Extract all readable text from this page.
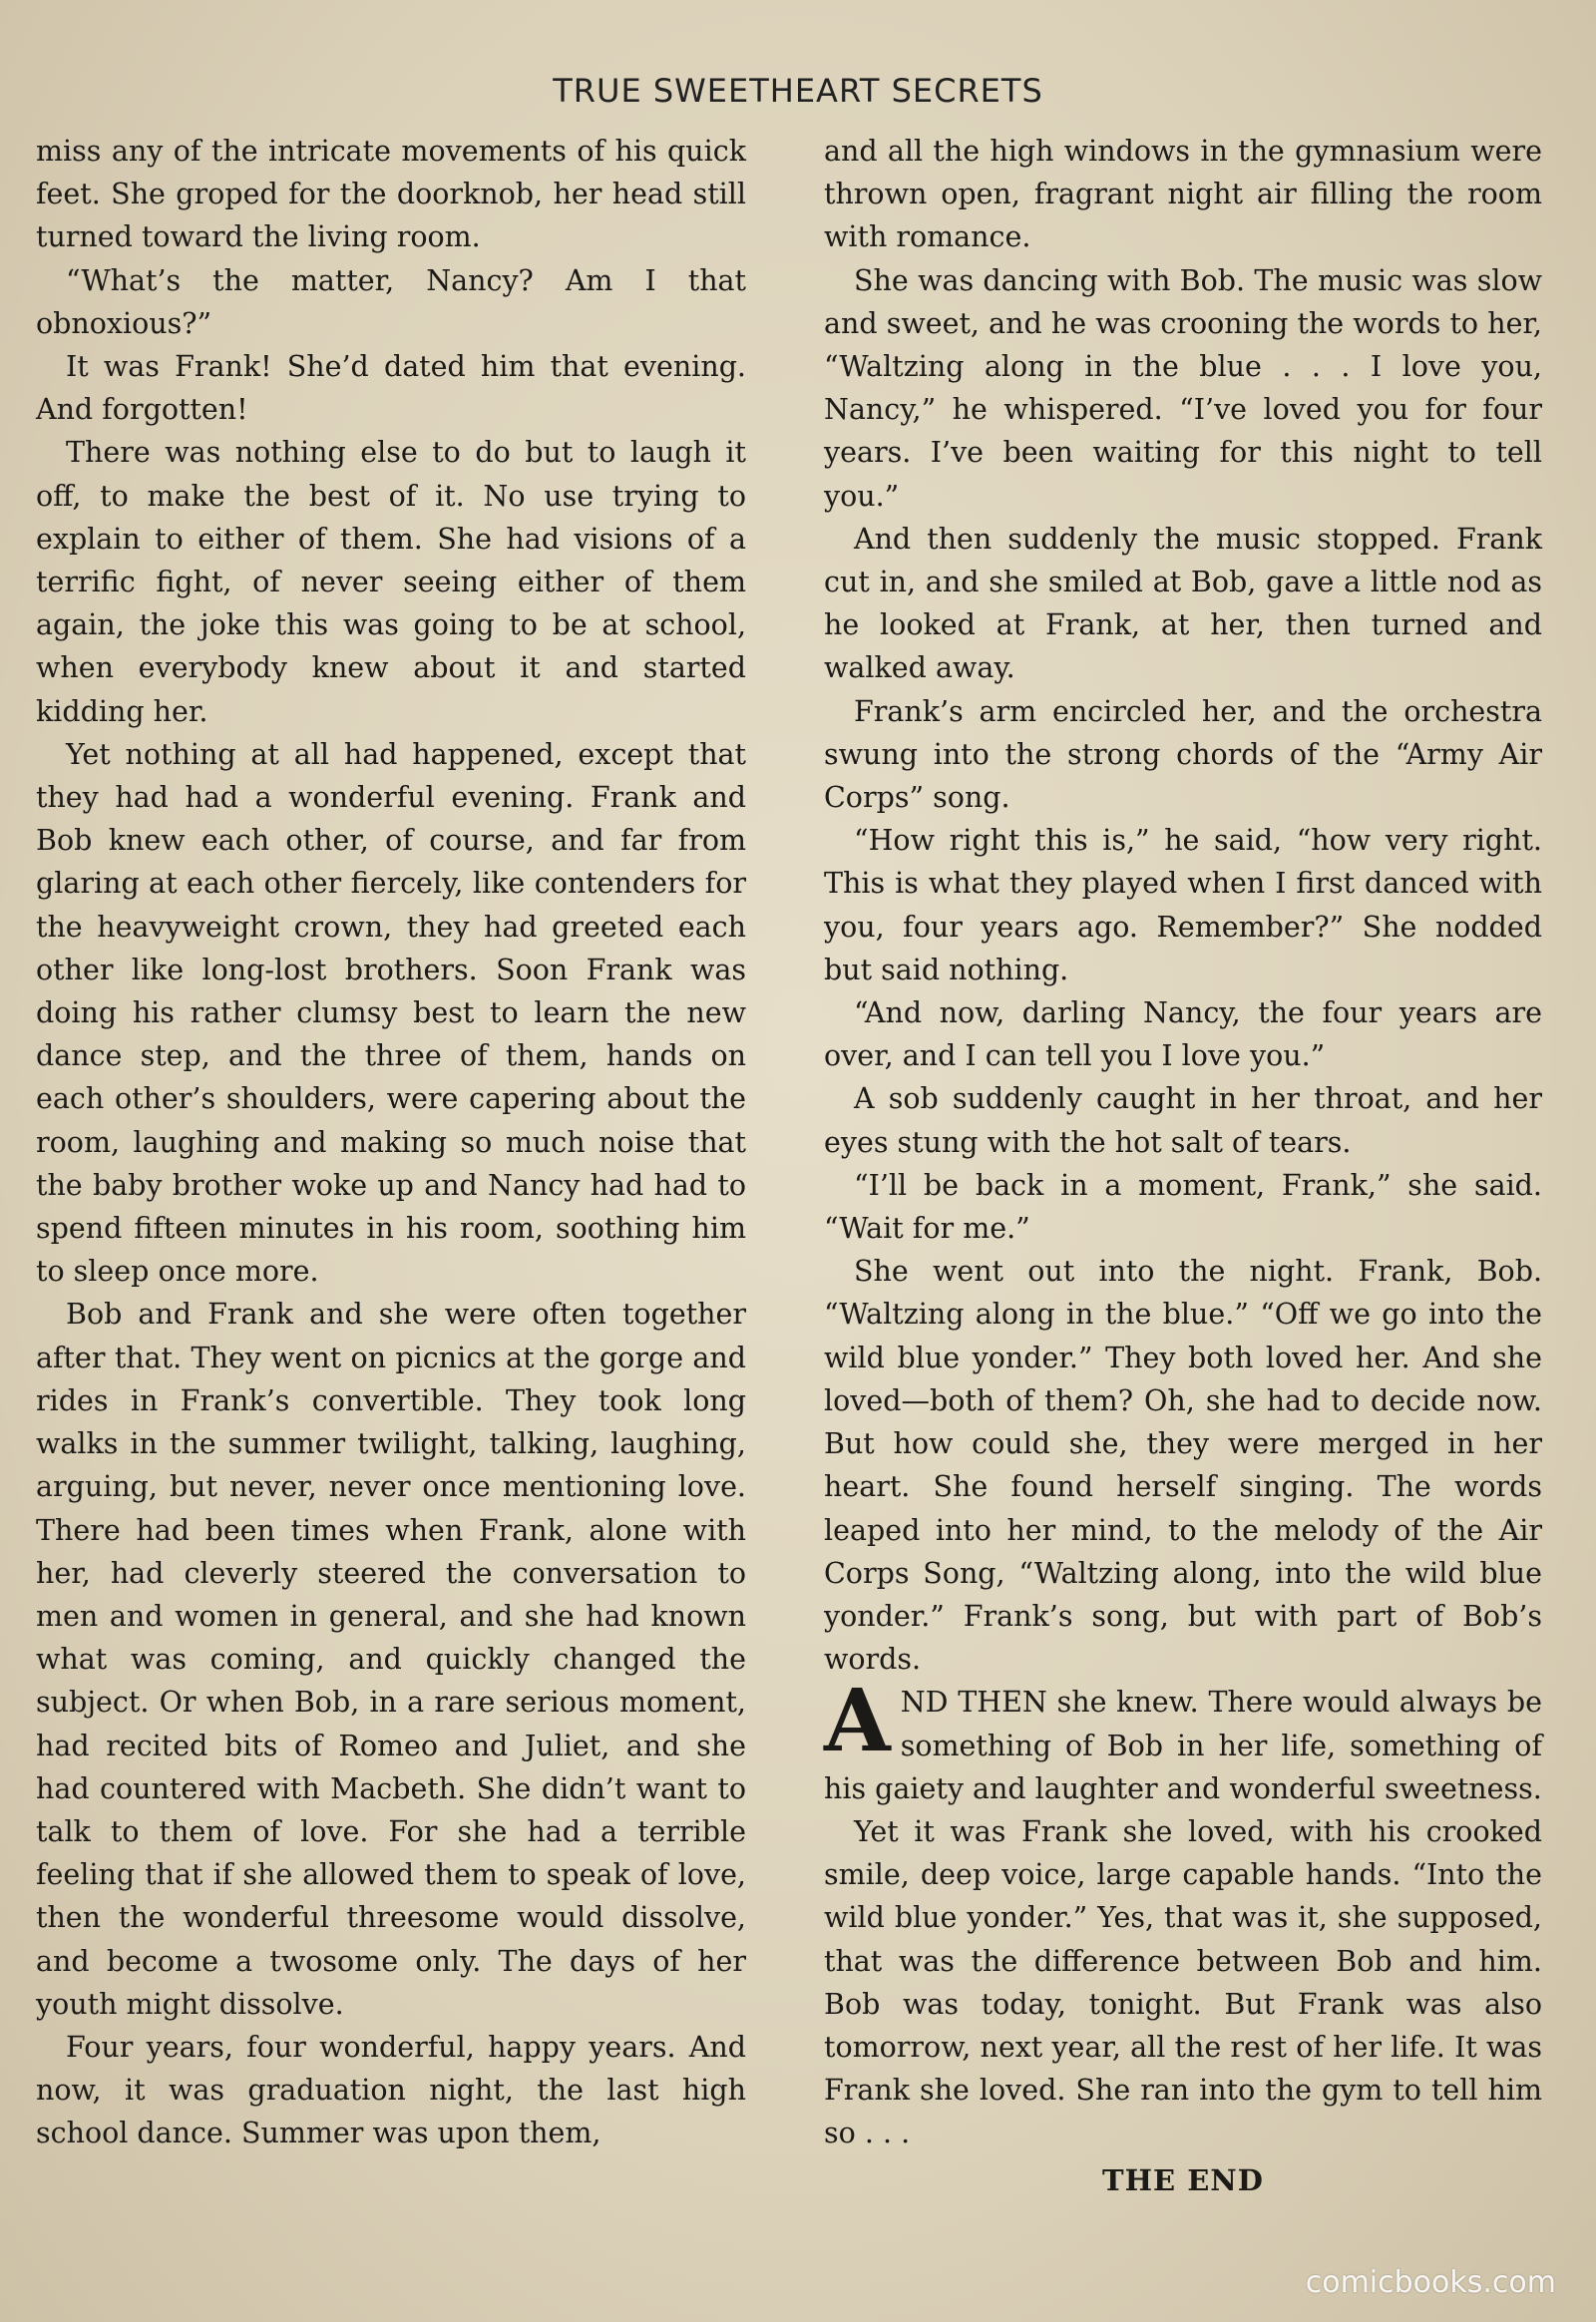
TRUE SWEETHEART SECRETS

miss any of the intricate movements of his quick feet. She groped for the doorknob, her head still turned toward the living room.

“What’s the matter, Nancy? Am I that obnoxious?”

It was Frank! She’d dated him that evening. And forgotten!

There was nothing else to do but to laugh it off, to make the best of it. No use trying to explain to either of them. She had visions of a terrific fight, of never seeing either of them again, the joke this was going to be at school, when everybody knew about it and started kidding her.

Yet nothing at all had happened, except that they had had a wonderful evening. Frank and Bob knew each other, of course, and far from glaring at each other fiercely, like contenders for the heavyweight crown, they had greeted each other like long-lost brothers. Soon Frank was doing his rather clumsy best to learn the new dance step, and the three of them, hands on each other’s shoulders, were capering about the room, laughing and making so much noise that the baby brother woke up and Nancy had had to spend fifteen minutes in his room, soothing him to sleep once more.

Bob and Frank and she were often together after that. They went on picnics at the gorge and rides in Frank’s convertible. They took long walks in the summer twilight, talking, laughing, arguing, but never, never once mentioning love. There had been times when Frank, alone with her, had cleverly steered the conversation to men and women in general, and she had known what was coming, and quickly changed the subject. Or when Bob, in a rare serious moment, had recited bits of Romeo and Juliet, and she had countered with Macbeth. She didn’t want to talk to them of love. For she had a terrible feeling that if she allowed them to speak of love, then the wonderful threesome would dissolve, and become a twosome only. The days of her youth might dissolve.

Four years, four wonderful, happy years. And now, it was graduation night, the last high school dance. Summer was upon them,

and all the high windows in the gymnasium were thrown open, fragrant night air filling the room with romance.

She was dancing with Bob. The music was slow and sweet, and he was crooning the words to her, “Waltzing along in the blue . . . I love you, Nancy,” he whispered. “I’ve loved you for four years. I’ve been waiting for this night to tell you.”

And then suddenly the music stopped. Frank cut in, and she smiled at Bob, gave a little nod as he looked at Frank, at her, then turned and walked away.

Frank’s arm encircled her, and the orchestra swung into the strong chords of the “Army Air Corps” song.

“How right this is,” he said, “how very right. This is what they played when I first danced with you, four years ago. Remember?” She nodded but said nothing.

“And now, darling Nancy, the four years are over, and I can tell you I love you.”

A sob suddenly caught in her throat, and her eyes stung with the hot salt of tears.

“I’ll be back in a moment, Frank,” she said. “Wait for me.”

She went out into the night. Frank, Bob. “Waltzing along in the blue.” “Off we go into the wild blue yonder.” They both loved her. And she loved—both of them? Oh, she had to decide now. But how could she, they were merged in her heart. She found herself singing. The words leaped into her mind, to the melody of the Air Corps Song, “Waltzing along, into the wild blue yonder.” Frank’s song, but with part of Bob’s words.

AND THEN she knew. There would always be something of Bob in her life, something of his gaiety and laughter and wonderful sweetness.

Yet it was Frank she loved, with his crooked smile, deep voice, large capable hands. “Into the wild blue yonder.” Yes, that was it, she supposed, that was the difference between Bob and him. Bob was today, tonight. But Frank was also tomorrow, next year, all the rest of her life. It was Frank she loved. She ran into the gym to tell him so . . .

THE END
comicbooks.com
